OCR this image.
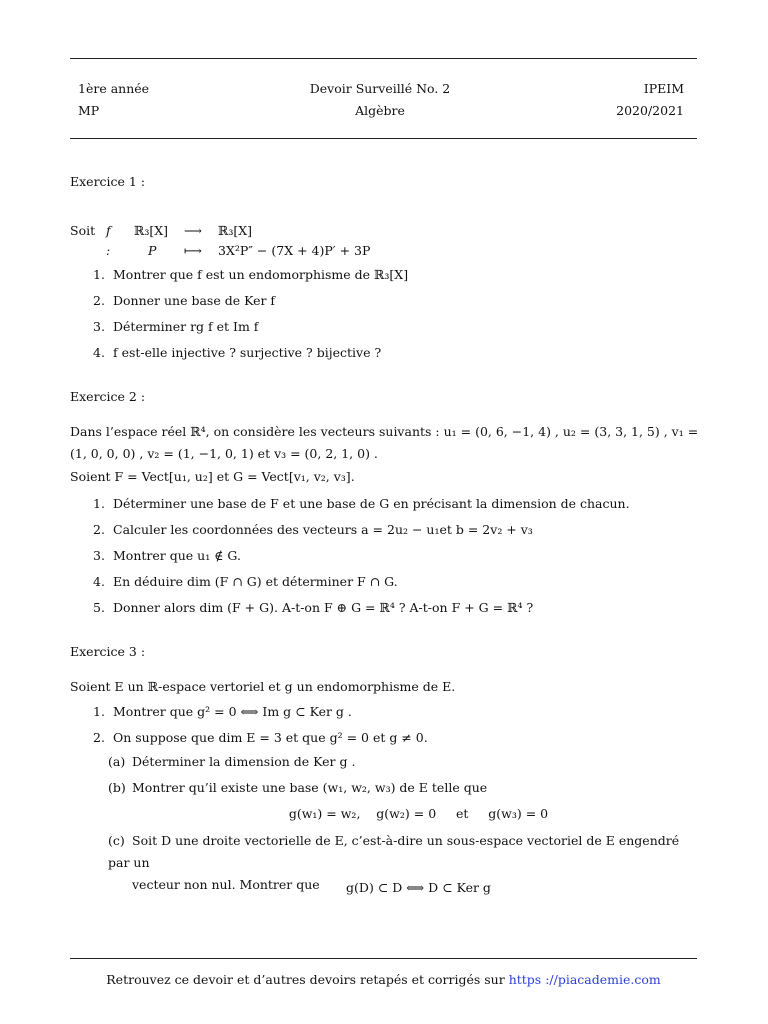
1ère année
MP
Devoir Surveillé No. 2
Algèbre
IPEIM
2020/2021
Exercice 1 :
Soit f :
ℝ₃[X] ⟶ ℝ₃[X]
P ⟼ 3X²P″ − (7X + 4)P′ + 3P
1. Montrer que f est un endomorphisme de ℝ₃[X]
2. Donner une base de Ker f
3. Déterminer rg f et Im f
4. f est-elle injective ? surjective ? bijective ?
Exercice 2 :
Dans l’espace réel ℝ⁴, on considère les vecteurs suivants : u₁ = (0, 6, −1, 4) , u₂ = (3, 3, 1, 5) , v₁ =
(1, 0, 0, 0) , v₂ = (1, −1, 0, 1) et v₃ = (0, 2, 1, 0) .
Soient F = Vect[u₁, u₂] et G = Vect[v₁, v₂, v₃].
1. Déterminer une base de F et une base de G en précisant la dimension de chacun.
2. Calculer les coordonnées des vecteurs a = 2u₂ − u₁et b = 2v₂ + v₃
3. Montrer que u₁ ∉ G.
4. En déduire dim (F ∩ G) et déterminer F ∩ G.
5. Donner alors dim (F + G). A-t-on F ⊕ G = ℝ⁴ ? A-t-on F + G = ℝ⁴ ?
Exercice 3 :
Soient E un ℝ-espace vertoriel et g un endomorphisme de E.
1. Montrer que g² = 0 ⟺ Im g ⊂ Ker g .
2. On suppose que dim E = 3 et que g² = 0 et g ≠ 0.
(a) Déterminer la dimension de Ker g .
(b) Montrer qu’il existe une base (w₁, w₂, w₃) de E telle que
g(w₁) = w₂,    g(w₂) = 0     et     g(w₃) = 0
(c) Soit D une droite vectorielle de E, c’est-à-dire un sous-espace vectoriel de E engendré par un
vecteur non nul. Montrer que	g(D) ⊂ D ⟺ D ⊂ Ker g
Retrouvez ce devoir et d’autres devoirs retapés et corrigés sur https ://piacademie.com
